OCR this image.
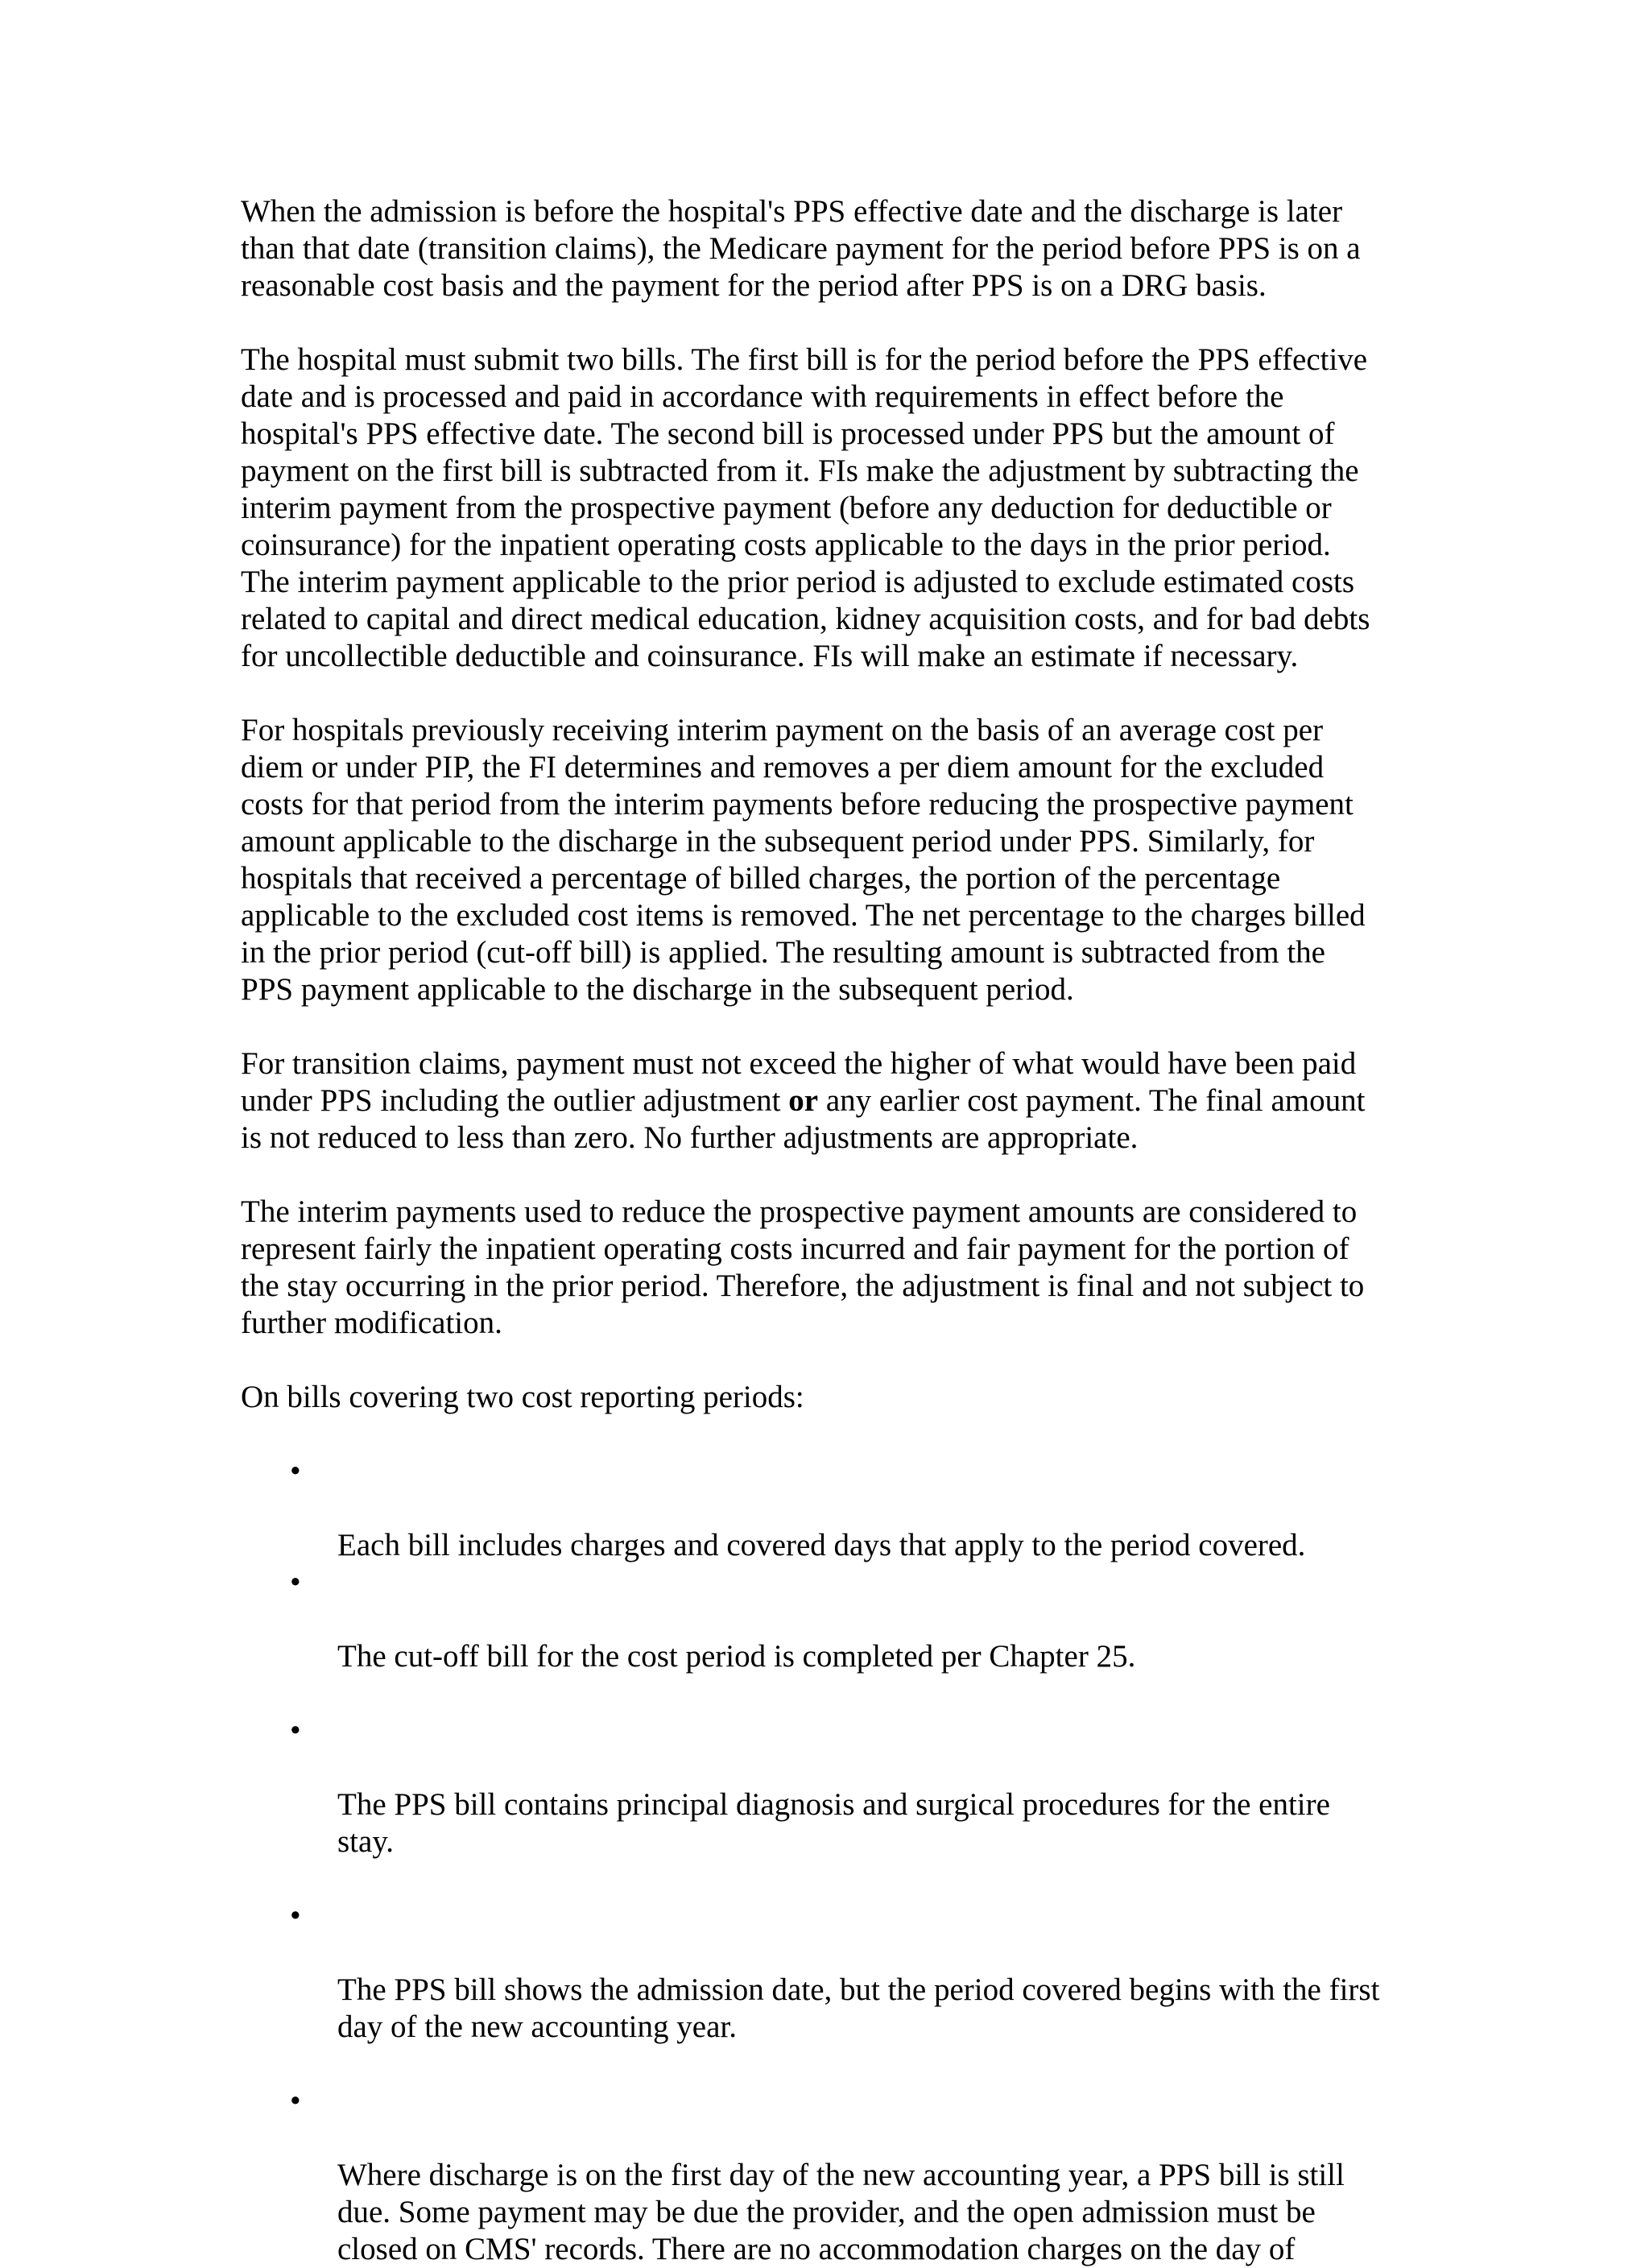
When the admission is before the hospital's PPS effective date and the discharge is later
than that date (transition claims), the Medicare payment for the period before PPS is on a
reasonable cost basis and the payment for the period after PPS is on a DRG basis.

The hospital must submit two bills. The first bill is for the period before the PPS effective
date and is processed and paid in accordance with requirements in effect before the
hospital's PPS effective date. The second bill is processed under PPS but the amount of
payment on the first bill is subtracted from it. FIs make the adjustment by subtracting the
interim payment from the prospective payment (before any deduction for deductible or
coinsurance) for the inpatient operating costs applicable to the days in the prior period.
The interim payment applicable to the prior period is adjusted to exclude estimated costs
related to capital and direct medical education, kidney acquisition costs, and for bad debts
for uncollectible deductible and coinsurance. FIs will make an estimate if necessary.

For hospitals previously receiving interim payment on the basis of an average cost per
diem or under PIP, the FI determines and removes a per diem amount for the excluded
costs for that period from the interim payments before reducing the prospective payment
amount applicable to the discharge in the subsequent period under PPS. Similarly, for
hospitals that received a percentage of billed charges, the portion of the percentage
applicable to the excluded cost items is removed. The net percentage to the charges billed
in the prior period (cut-off bill) is applied. The resulting amount is subtracted from the
PPS payment applicable to the discharge in the subsequent period.

For transition claims, payment must not exceed the higher of what would have been paid
under PPS including the outlier adjustment or any earlier cost payment. The final amount
is not reduced to less than zero. No further adjustments are appropriate.

The interim payments used to reduce the prospective payment amounts are considered to
represent fairly the inpatient operating costs incurred and fair payment for the portion of
the stay occurring in the prior period. Therefore, the adjustment is final and not subject to
further modification.

On bills covering two cost reporting periods:

•

Each bill includes charges and covered days that apply to the period covered.

•

The cut-off bill for the cost period is completed per Chapter 25.

•

The PPS bill contains principal diagnosis and surgical procedures for the entire
stay.

•

The PPS bill shows the admission date, but the period covered begins with the first
day of the new accounting year.

•

Where discharge is on the first day of the new accounting year, a PPS bill is still
due. Some payment may be due the provider, and the open admission must be
closed on CMS' records. There are no accommodation charges on the day of
